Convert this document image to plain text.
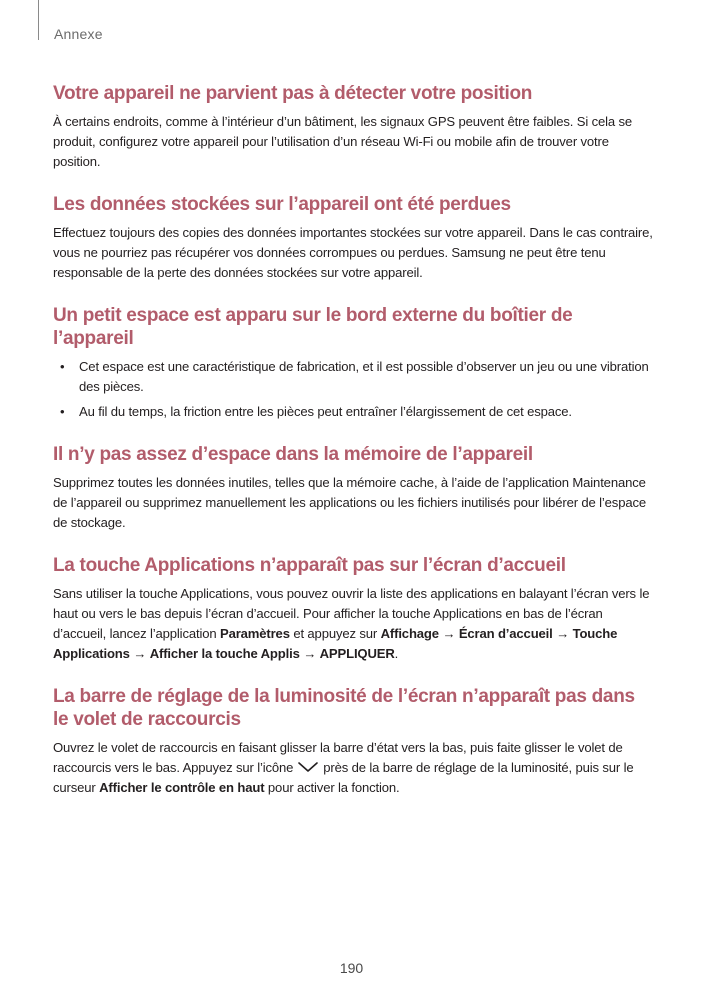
Annexe
Votre appareil ne parvient pas à détecter votre position

À certains endroits, comme à l’intérieur d’un bâtiment, les signaux GPS peuvent être faibles. Si cela se produit, configurez votre appareil pour l’utilisation d’un réseau Wi-Fi ou mobile afin de trouver votre position.

Les données stockées sur l’appareil ont été perdues

Effectuez toujours des copies des données importantes stockées sur votre appareil. Dans le cas contraire, vous ne pourriez pas récupérer vos données corrompues ou perdues. Samsung ne peut être tenu responsable de la perte des données stockées sur votre appareil.

Un petit espace est apparu sur le bord externe du boîtier de l’appareil
• Cet espace est une caractéristique de fabrication, et il est possible d’observer un jeu ou une vibration des pièces.
• Au fil du temps, la friction entre les pièces peut entraîner l’élargissement de cet espace.
Il n’y pas assez d’espace dans la mémoire de l’appareil

Supprimez toutes les données inutiles, telles que la mémoire cache, à l’aide de l’application Maintenance de l’appareil ou supprimez manuellement les applications ou les fichiers inutilisés pour libérer de l’espace de stockage.

La touche Applications n’apparaît pas sur l’écran d’accueil

Sans utiliser la touche Applications, vous pouvez ouvrir la liste des applications en balayant l’écran vers le haut ou vers le bas depuis l’écran d’accueil. Pour afficher la touche Applications en bas de l’écran d’accueil, lancez l’application Paramètres et appuyez sur Affichage → Écran d’accueil → Touche Applications → Afficher la touche Applis → APPLIQUER.

La barre de réglage de la luminosité de l’écran n’apparaît pas dans le volet de raccourcis

Ouvrez le volet de raccourcis en faisant glisser la barre d’état vers la bas, puis faite glisser le volet de raccourcis vers le bas. Appuyez sur l’icône près de la barre de réglage de la luminosité, puis sur le curseur Afficher le contrôle en haut pour activer la fonction.

190
